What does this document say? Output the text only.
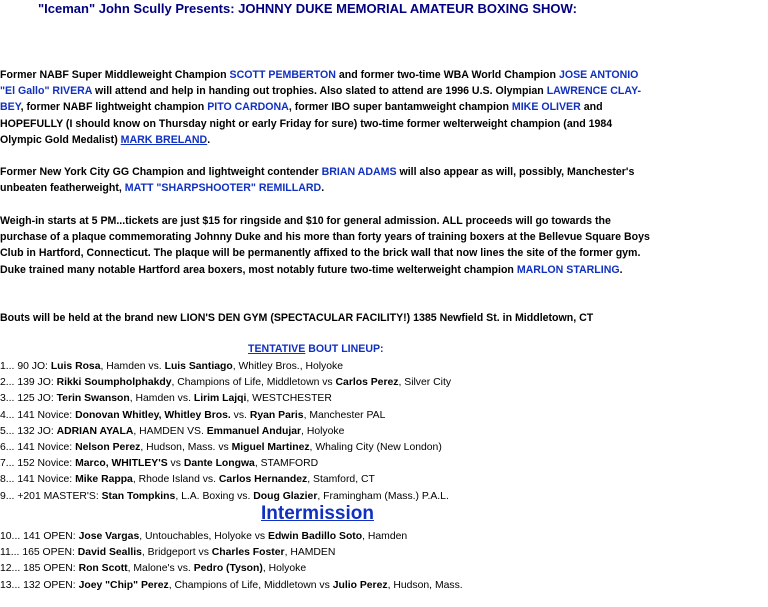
"Iceman" John Scully Presents: JOHNNY DUKE MEMORIAL AMATEUR BOXING SHOW:
Former NABF Super Middleweight Champion SCOTT PEMBERTON and former two-time WBA World Champion JOSE ANTONIO "El Gallo" RIVERA will attend and help in handing out trophies. Also slated to attend are 1996 U.S. Olympian LAWRENCE CLAY-BEY, former NABF lightweight champion PITO CARDONA, former IBO super bantamweight champion MIKE OLIVER and HOPEFULLY (I should know on Thursday night or early Friday for sure) two-time former welterweight champion (and 1984 Olympic Gold Medalist) MARK BRELAND.
Former New York City GG Champion and lightweight contender BRIAN ADAMS will also appear as will, possibly, Manchester's unbeaten featherweight, MATT "SHARPSHOOTER" REMILLARD.
Weigh-in starts at 5 PM...tickets are just $15 for ringside and $10 for general admission. ALL proceeds will go towards the purchase of a plaque commemorating Johnny Duke and his more than forty years of training boxers at the Bellevue Square Boys Club in Hartford, Connecticut. The plaque will be permanently affixed to the brick wall that now lines the site of the former gym. Duke trained many notable Hartford area boxers, most notably future two-time welterweight champion MARLON STARLING.
Bouts will be held at the brand new LION'S DEN GYM (SPECTACULAR FACILITY!) 1385 Newfield St. in Middletown, CT
TENTATIVE BOUT LINEUP:
1... 90 JO: Luis Rosa, Hamden vs. Luis Santiago, Whitley Bros., Holyoke
2... 139 JO: Rikki Soumpholphakdy, Champions of Life, Middletown vs Carlos Perez, Silver City
3... 125 JO: Terin Swanson, Hamden vs. Lirim Lajqi, WESTCHESTER
4... 141 Novice: Donovan Whitley, Whitley Bros. vs. Ryan Paris, Manchester PAL
5... 132 JO: ADRIAN AYALA, HAMDEN VS. Emmanuel Andujar, Holyoke
6... 141 Novice: Nelson Perez, Hudson, Mass. vs Miguel Martinez, Whaling City (New London)
7... 152 Novice: Marco, WHITLEY'S vs Dante Longwa, STAMFORD
8... 141 Novice: Mike Rappa, Rhode Island vs. Carlos Hernandez, Stamford, CT
9... +201 MASTER'S: Stan Tompkins, L.A. Boxing vs. Doug Glazier, Framingham (Mass.) P.A.L.
Intermission
10... 141 OPEN: Jose Vargas, Untouchables, Holyoke vs Edwin Badillo Soto, Hamden
11... 165 OPEN: David Seallis, Bridgeport vs Charles Foster, HAMDEN
12... 185 OPEN: Ron Scott, Malone's vs. Pedro (Tyson), Holyoke
13... 132 OPEN: Joey "Chip" Perez, Champions of Life, Middletown vs Julio Perez, Hudson, Mass.
